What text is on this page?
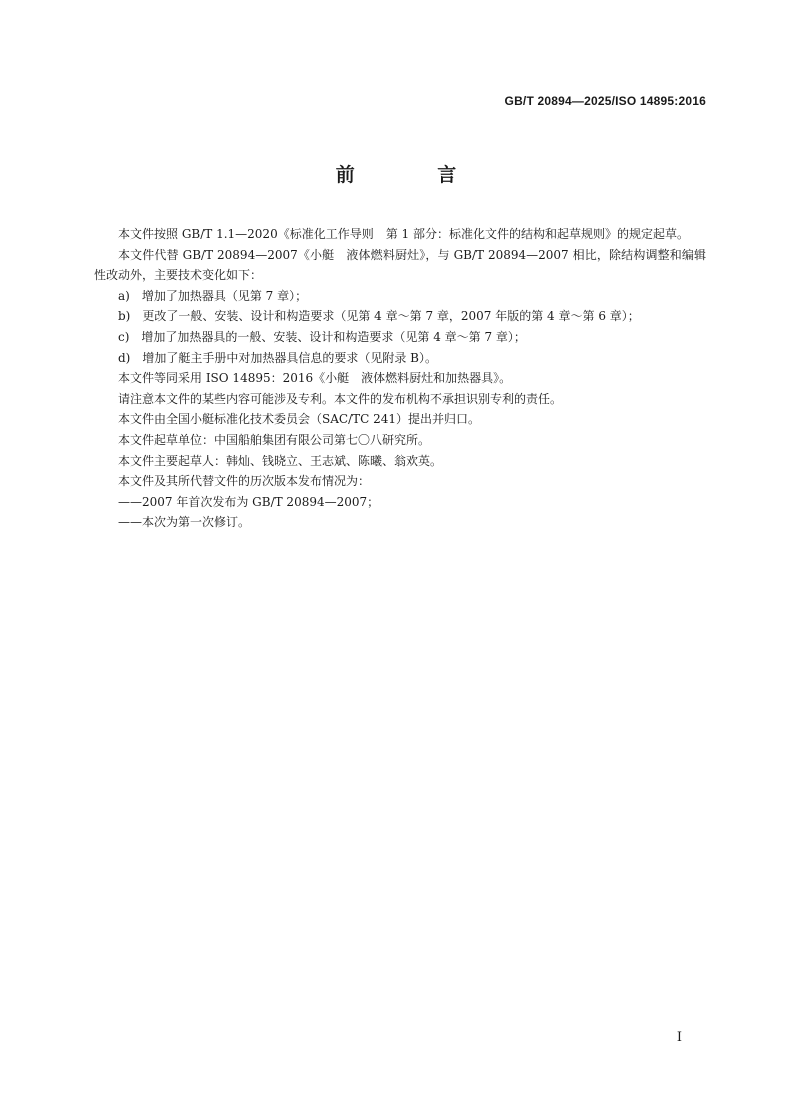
GB/T 20894—2025/ISO 14895:2016
前 言

本文件按照 GB/T 1.1—2020《标准化工作导则　第 1 部分：标准化文件的结构和起草规则》的规定起草。

本文件代替 GB/T 20894—2007《小艇　液体燃料厨灶》，与 GB/T 20894—2007 相比，除结构调整和编辑性改动外，主要技术变化如下：

a)　增加了加热器具（见第 7 章）；

b)　更改了一般、安装、设计和构造要求（见第 4 章～第 7 章，2007 年版的第 4 章～第 6 章）；

c)　增加了加热器具的一般、安装、设计和构造要求（见第 4 章～第 7 章）；

d)　增加了艇主手册中对加热器具信息的要求（见附录 B）。

本文件等同采用 ISO 14895：2016《小艇　液体燃料厨灶和加热器具》。

请注意本文件的某些内容可能涉及专利。本文件的发布机构不承担识别专利的责任。

本文件由全国小艇标准化技术委员会（SAC/TC 241）提出并归口。

本文件起草单位：中国船舶集团有限公司第七〇八研究所。

本文件主要起草人：韩灿、钱晓立、王志斌、陈曦、翁欢英。

本文件及其所代替文件的历次版本发布情况为：

——2007 年首次发布为 GB/T 20894—2007；

——本次为第一次修订。

I
